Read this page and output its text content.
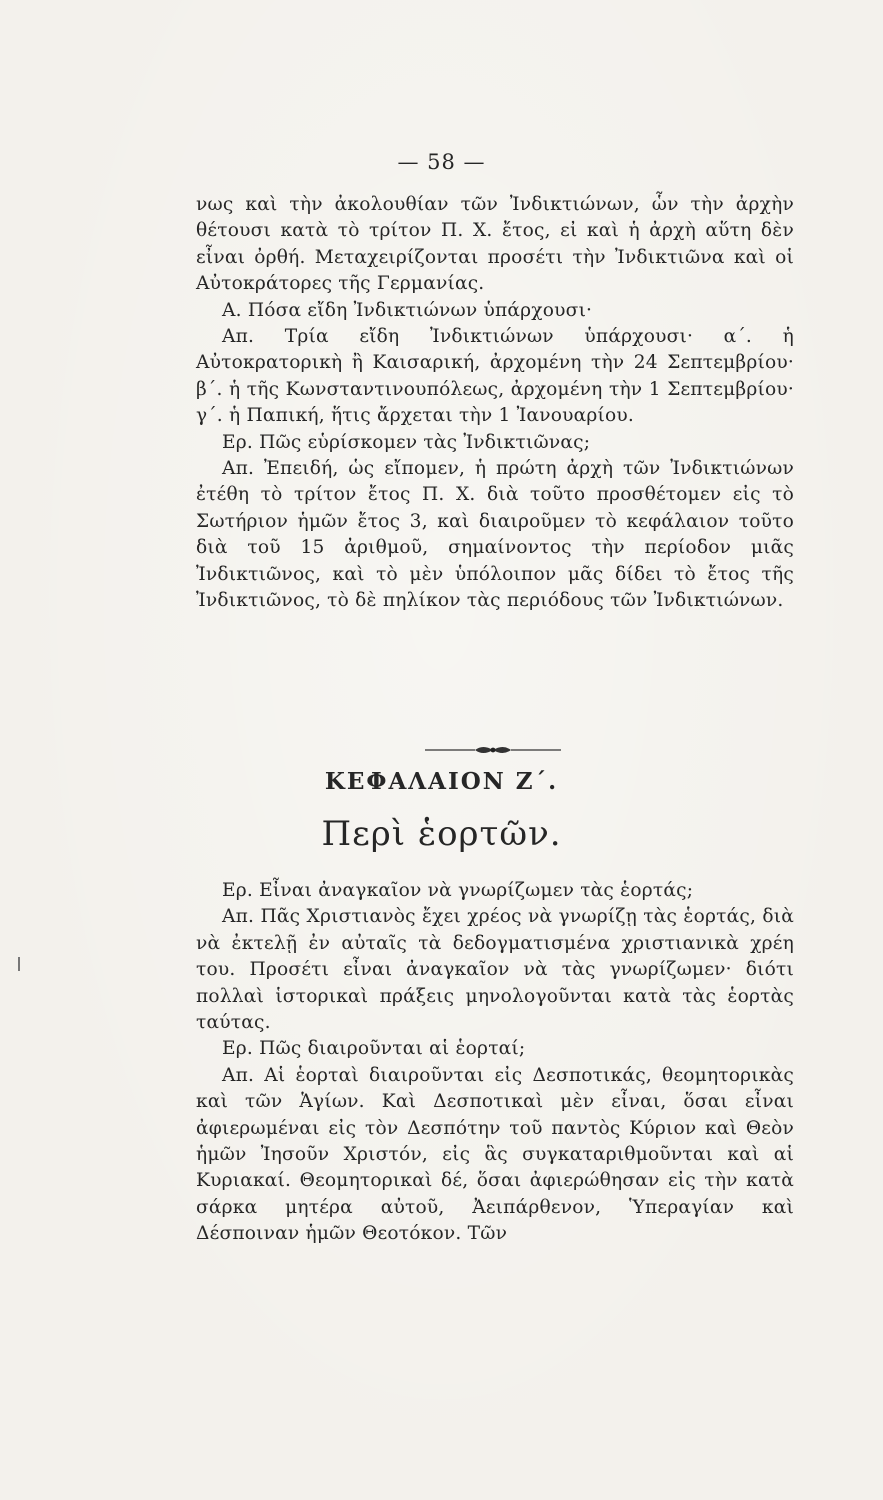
— 58 —

νως καὶ τὴν ἀκολουθίαν τῶν Ἰνδικτιώνων, ὧν τὴν ἀρχὴν θέτουσι κατὰ τὸ τρίτον Π. Χ. ἔτος, εἰ καὶ ἡ ἀρχὴ αὕτη δὲν εἶναι ὀρθή. Μεταχειρίζονται προσέτι τὴν Ἰνδικτιῶνα καὶ οἱ Αὐτοκράτορες τῆς Γερμανίας.

Α. Πόσα εἴδη Ἰνδικτιώνων ὑπάρχουσι·

Απ. Τρία εἴδη Ἰνδικτιώνων ὑπάρχουσι· α΄. ἡ Αὐτοκρατορικὴ ἢ Καισαρική, ἀρχομένη τὴν 24 Σεπτεμβρίου· β΄. ἡ τῆς Κωνσταντινουπόλεως, ἀρχομένη τὴν 1 Σεπτεμβρίου· γ΄. ἡ Παπική, ἥτις ἄρχεται τὴν 1 Ἰανουαρίου.

Ερ. Πῶς εὑρίσκομεν τὰς Ἰνδικτιῶνας;

Απ. Ἐπειδή, ὡς εἴπομεν, ἡ πρώτη ἀρχὴ τῶν Ἰνδικτιώνων ἐτέθη τὸ τρίτον ἔτος Π. Χ. διὰ τοῦτο προσθέτομεν εἰς τὸ Σωτήριον ἡμῶν ἔτος 3, καὶ διαιροῦμεν τὸ κεφάλαιον τοῦτο διὰ τοῦ 15 ἀριθμοῦ, σημαίνοντος τὴν περίοδον μιᾶς Ἰνδικτιῶνος, καὶ τὸ μὲν ὑπόλοιπον μᾶς δίδει τὸ ἔτος τῆς Ἰνδικτιῶνος, τὸ δὲ πηλίκον τὰς περιόδους τῶν Ἰνδικτιώνων.

ΚΕΦΑΛΑΙΟΝ Ζ΄.
Περὶ ἑορτῶν.

Ερ. Εἶναι ἀναγκαῖον νὰ γνωρίζωμεν τὰς ἑορτάς;

Απ. Πᾶς Χριστιανὸς ἔχει χρέος νὰ γνωρίζῃ τὰς ἑορτάς, διὰ νὰ ἐκτελῇ ἐν αὐταῖς τὰ δεδογματισμένα χριστιανικὰ χρέη του. Προσέτι εἶναι ἀναγκαῖον νὰ τὰς γνωρίζωμεν· διότι πολλαὶ ἱστορικαὶ πράξεις μηνολογοῦνται κατὰ τὰς ἑορτὰς ταύτας.

Ερ. Πῶς διαιροῦνται αἱ ἑορταί;

Απ. Αἱ ἑορταὶ διαιροῦνται εἰς Δεσποτικάς, θεομητορικὰς καὶ τῶν Ἁγίων. Καὶ Δεσποτικαὶ μὲν εἶναι, ὅσαι εἶναι ἀφιερωμέναι εἰς τὸν Δεσπότην τοῦ παντὸς Κύριον καὶ Θεὸν ἡμῶν Ἰησοῦν Χριστόν, εἰς ἃς συγκαταριθμοῦνται καὶ αἱ Κυριακαί. Θεομητορικαὶ δέ, ὅσαι ἀφιερώθησαν εἰς τὴν κατὰ σάρκα μητέρα αὐτοῦ, Ἀειπάρθενον, Ὑπεραγίαν καὶ Δέσποιναν ἡμῶν Θεοτόκον. Τῶν
